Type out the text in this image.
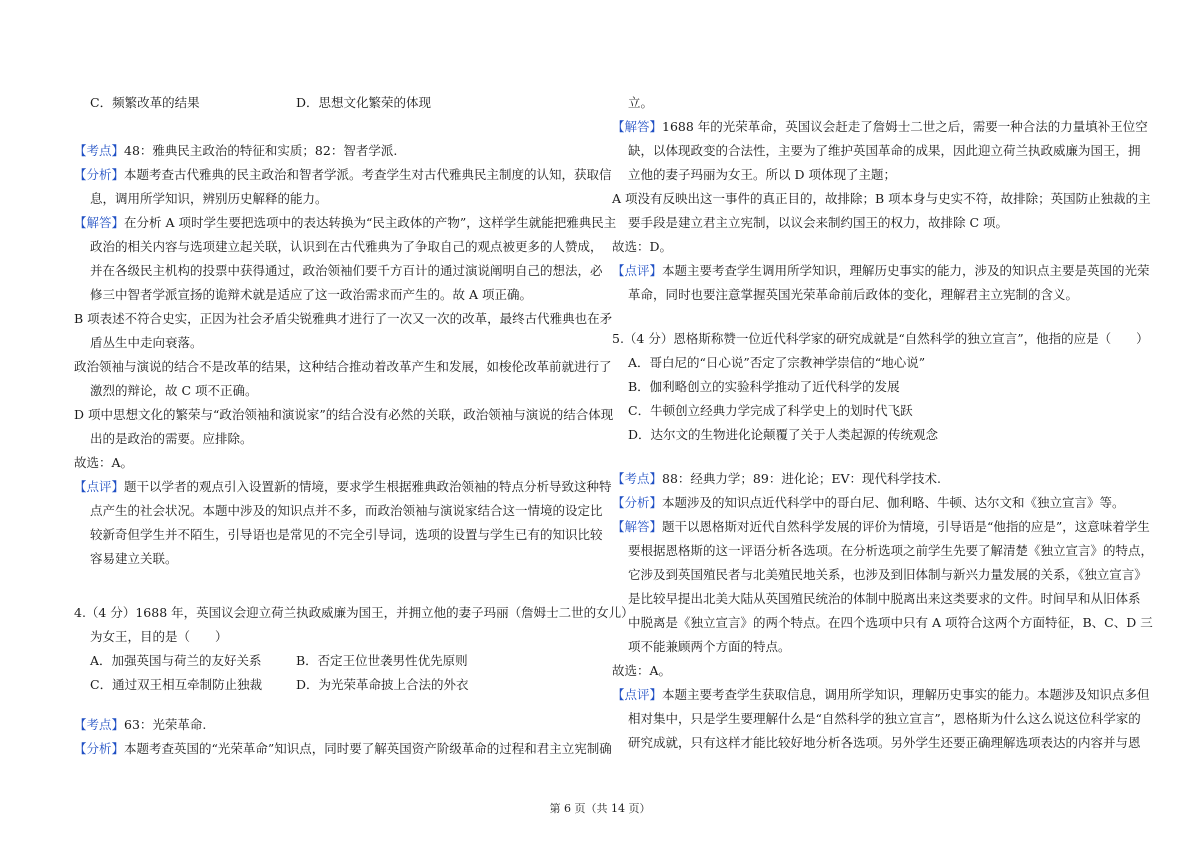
C．频繁改革的结果	D．思想文化繁荣的体现
【考点】48：雅典民主政治的特征和实质；82：智者学派.
【分析】本题考查古代雅典的民主政治和智者学派。考查学生对古代雅典民主制度的认知，获取信
息，调用所学知识，辨别历史解释的能力。
【解答】在分析 A 项时学生要把选项中的表达转换为“民主政体的产物”，这样学生就能把雅典民主
政治的相关内容与选项建立起关联，认识到在古代雅典为了争取自己的观点被更多的人赞成，
并在各级民主机构的投票中获得通过，政治领袖们要千方百计的通过演说阐明自己的想法，必
修三中智者学派宣扬的诡辩术就是适应了这一政治需求而产生的。故 A 项正确。
B 项表述不符合史实，正因为社会矛盾尖锐雅典才进行了一次又一次的改革，最终古代雅典也在矛
盾丛生中走向衰落。
政治领袖与演说的结合不是改革的结果，这种结合推动着改革产生和发展，如梭伦改革前就进行了
激烈的辩论，故 C 项不正确。
D 项中思想文化的繁荣与“政治领袖和演说家”的结合没有必然的关联，政治领袖与演说的结合体现
出的是政治的需要。应排除。
故选：A。
【点评】题干以学者的观点引入设置新的情境，要求学生根据雅典政治领袖的特点分析导致这种特
点产生的社会状况。本题中涉及的知识点并不多，而政治领袖与演说家结合这一情境的设定比
较新奇但学生并不陌生，引导语也是常见的不完全引导词，选项的设置与学生已有的知识比较
容易建立关联。
4.（4 分）1688 年，英国议会迎立荷兰执政威廉为国王，并拥立他的妻子玛丽（詹姆士二世的女儿）
为女王，目的是（　　）
A．加强英国与荷兰的友好关系	B．否定王位世袭男性优先原则
C．通过双王相互牵制防止独裁	D．为光荣革命披上合法的外衣
【考点】63：光荣革命.
【分析】本题考查英国的“光荣革命”知识点，同时要了解英国资产阶级革命的过程和君主立宪制确
立。
【解答】1688 年的光荣革命，英国议会赶走了詹姆士二世之后，需要一种合法的力量填补王位空
缺，以体现政变的合法性，主要为了维护英国革命的成果，因此迎立荷兰执政威廉为国王，拥
立他的妻子玛丽为女王。所以 D 项体现了主题；
A 项没有反映出这一事件的真正目的，故排除；B 项本身与史实不符，故排除；英国防止独裁的主
要手段是建立君主立宪制，以议会来制约国王的权力，故排除 C 项。
故选：D。
【点评】本题主要考查学生调用所学知识，理解历史事实的能力，涉及的知识点主要是英国的光荣
革命，同时也要注意掌握英国光荣革命前后政体的变化，理解君主立宪制的含义。
5.（4 分）恩格斯称赞一位近代科学家的研究成就是“自然科学的独立宣言”，他指的应是（　　）
A．哥白尼的“日心说”否定了宗教神学崇信的“地心说”
B．伽利略创立的实验科学推动了近代科学的发展
C．牛顿创立经典力学完成了科学史上的划时代飞跃
D．达尔文的生物进化论颠覆了关于人类起源的传统观念
【考点】88：经典力学；89：进化论；EV：现代科学技术.
【分析】本题涉及的知识点近代科学中的哥白尼、伽利略、牛顿、达尔文和《独立宣言》等。
【解答】题干以恩格斯对近代自然科学发展的评价为情境，引导语是“他指的应是”，这意味着学生
要根据恩格斯的这一评语分析各选项。在分析选项之前学生先要了解清楚《独立宣言》的特点，
它涉及到英国殖民者与北美殖民地关系，也涉及到旧体制与新兴力量发展的关系，《独立宣言》
是比较早提出北美大陆从英国殖民统治的体制中脱离出来这类要求的文件。时间早和从旧体系
中脱离是《独立宣言》的两个特点。在四个选项中只有 A 项符合这两个方面特征，B、C、D 三
项不能兼顾两个方面的特点。
故选：A。
【点评】本题主要考查学生获取信息，调用所学知识，理解历史事实的能力。本题涉及知识点多但
相对集中，只是学生要理解什么是“自然科学的独立宣言”，恩格斯为什么这么说这位科学家的
研究成就，只有这样才能比较好地分析各选项。另外学生还要正确理解选项表达的内容并与恩
第 6 页（共 14 页）
